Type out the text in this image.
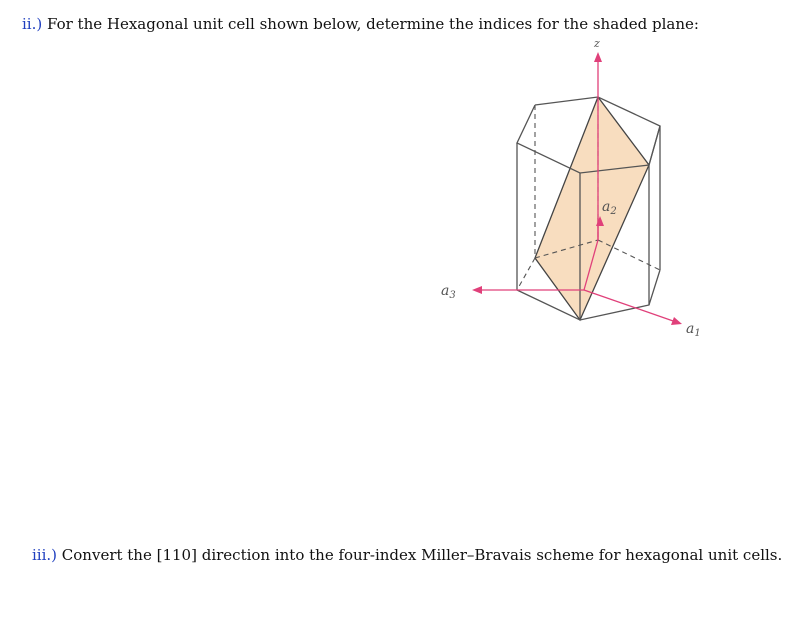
ii.) For the Hexagonal unit cell shown below, determine the indices for the shaded plane:
z
$a_2$
$a_3$
$a_1$
iii.) Convert the [110] direction into the four-index Miller–Bravais scheme for hexagonal unit cells.
